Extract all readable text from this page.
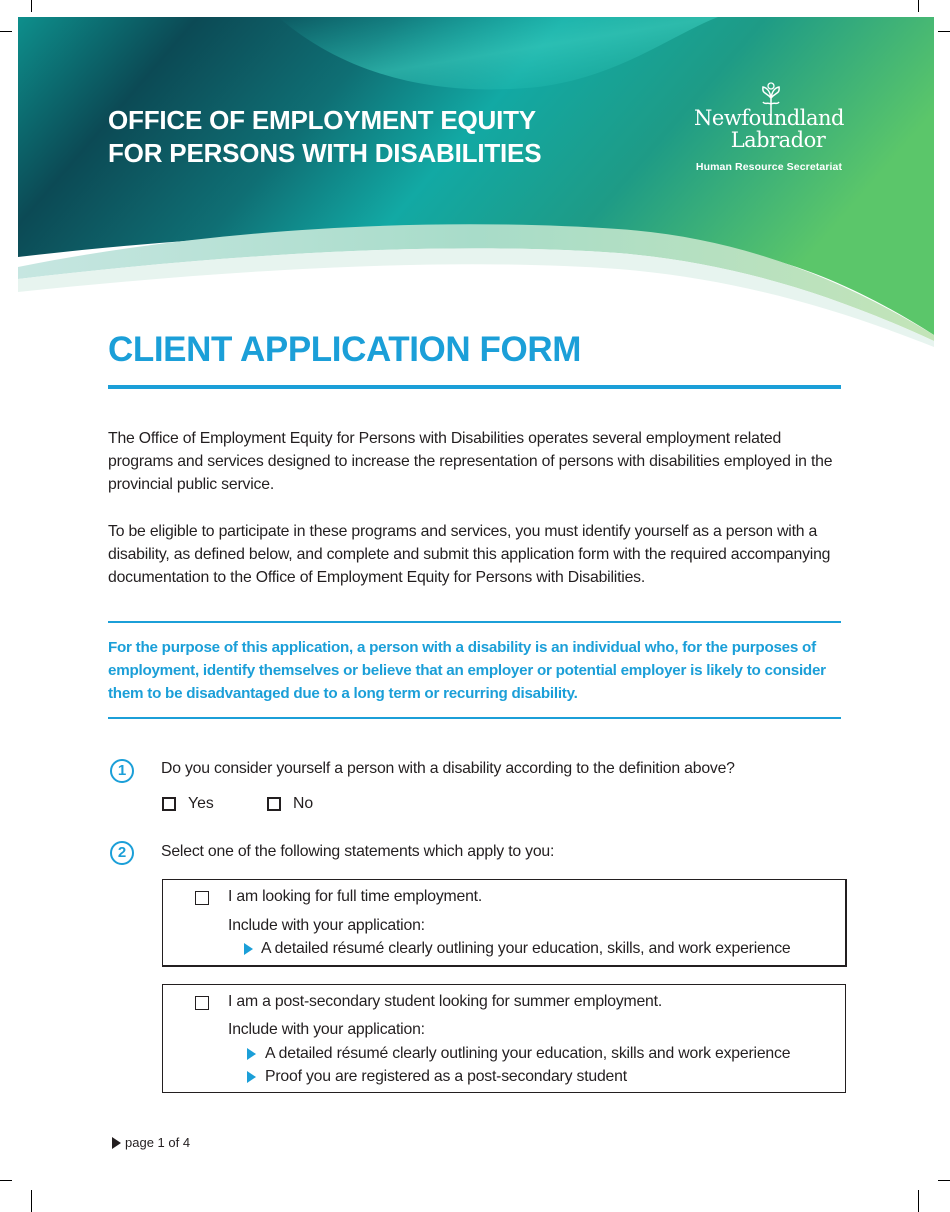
OFFICE OF EMPLOYMENT EQUITY
FOR PERSONS WITH DISABILITIES
Newfoundland
Labrador
Human Resource Secretariat
CLIENT APPLICATION FORM

The Office of Employment Equity for Persons with Disabilities operates several employment related programs and services designed to increase the representation of persons with disabilities employed in the provincial public service.

To be eligible to participate in these programs and services, you must identify yourself as a person with a disability, as defined below, and complete and submit this application form with the required accompanying documentation to the Office of Employment Equity for Persons with Disabilities.

For the purpose of this application, a person with a disability is an individual who, for the purposes of employment, identify themselves or believe that an employer or potential employer is likely to consider them to be disadvantaged due to a long term or recurring disability.

1	Do you consider yourself a person with a disability according to the definition above?
Yes	No
2	Select one of the following statements which apply to you:
I am looking for full time employment.
Include with your application:
A detailed résumé clearly outlining your education, skills, and work experience
I am a post-secondary student looking for summer employment.
Include with your application:
A detailed résumé clearly outlining your education, skills and work experience
Proof you are registered as a post-secondary student
page 1 of 4
